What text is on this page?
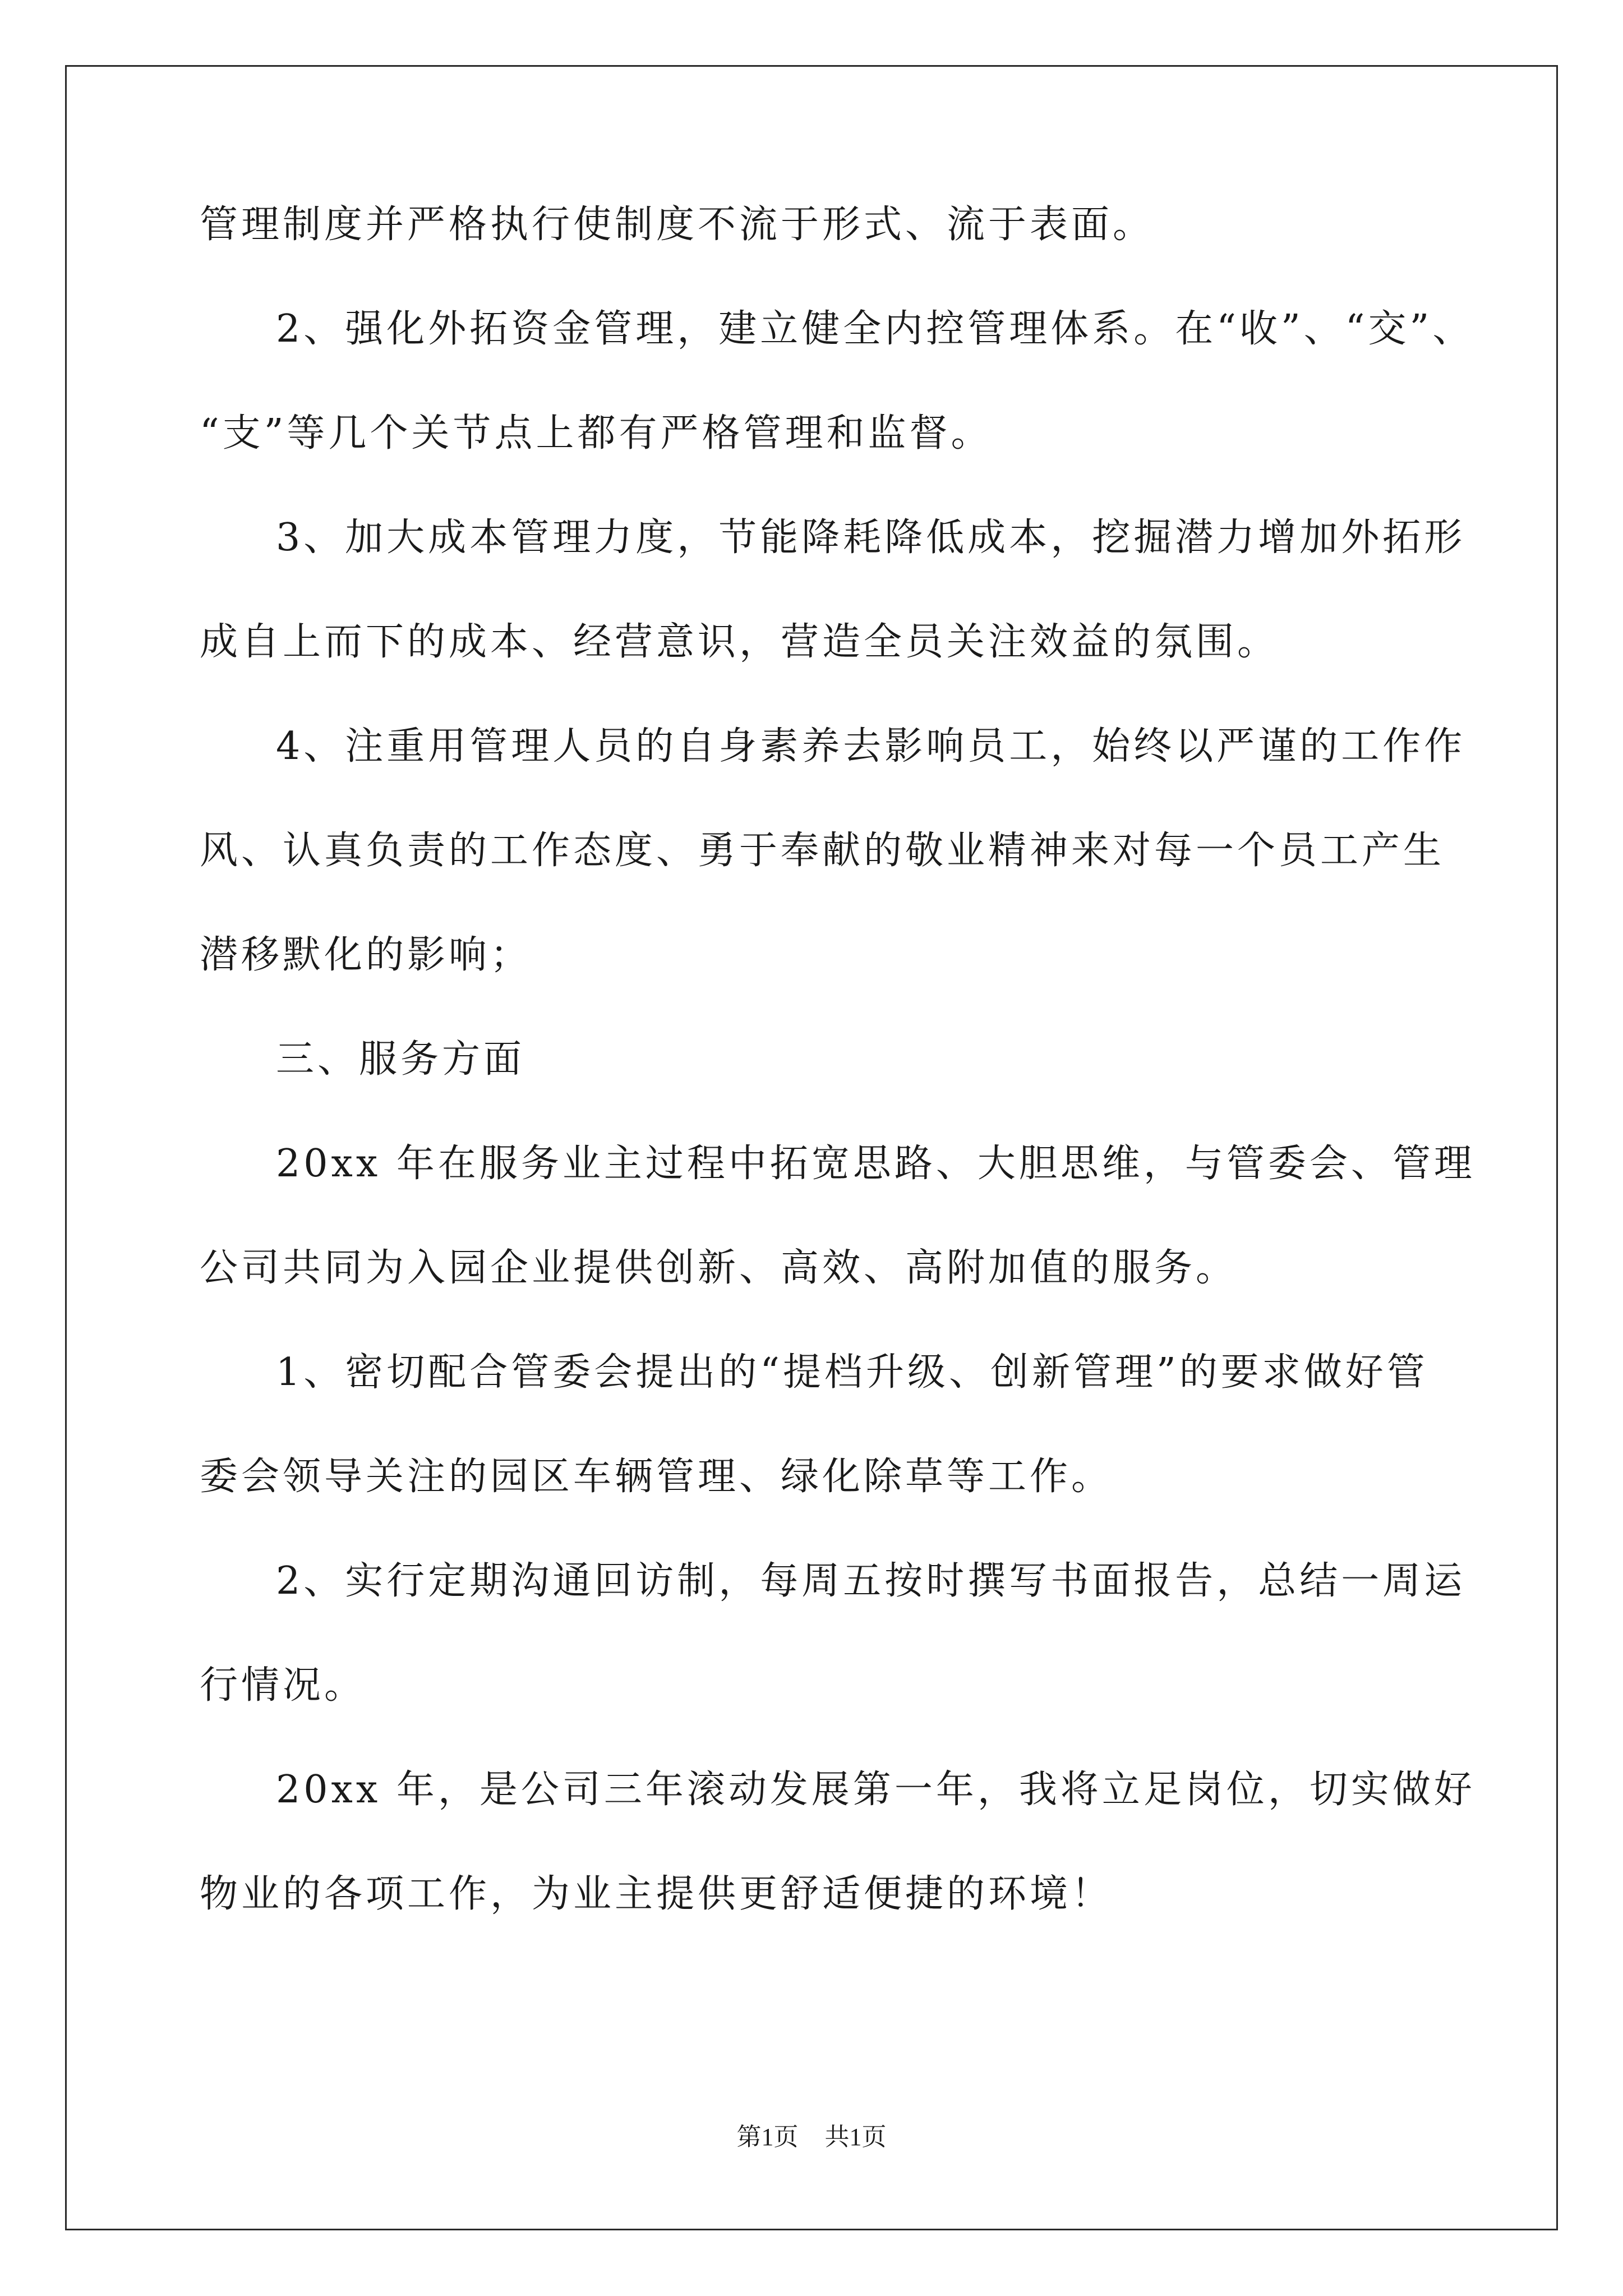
管理制度并严格执行使制度不流于形式、流于表面。

2、强化外拓资金管理，建立健全内控管理体系。在“收”、“交”、

“支”等几个关节点上都有严格管理和监督。

3、加大成本管理力度，节能降耗降低成本，挖掘潜力增加外拓形

成自上而下的成本、经营意识，营造全员关注效益的氛围。

4、注重用管理人员的自身素养去影响员工，始终以严谨的工作作

风、认真负责的工作态度、勇于奉献的敬业精神来对每一个员工产生

潜移默化的影响；

三、服务方面

20xx 年在服务业主过程中拓宽思路、大胆思维，与管委会、管理

公司共同为入园企业提供创新、高效、高附加值的服务。

1、密切配合管委会提出的“提档升级、创新管理”的要求做好管

委会领导关注的园区车辆管理、绿化除草等工作。

2、实行定期沟通回访制，每周五按时撰写书面报告，总结一周运

行情况。

20xx 年，是公司三年滚动发展第一年，我将立足岗位，切实做好

物业的各项工作，为业主提供更舒适便捷的环境！

第1页 共1页
